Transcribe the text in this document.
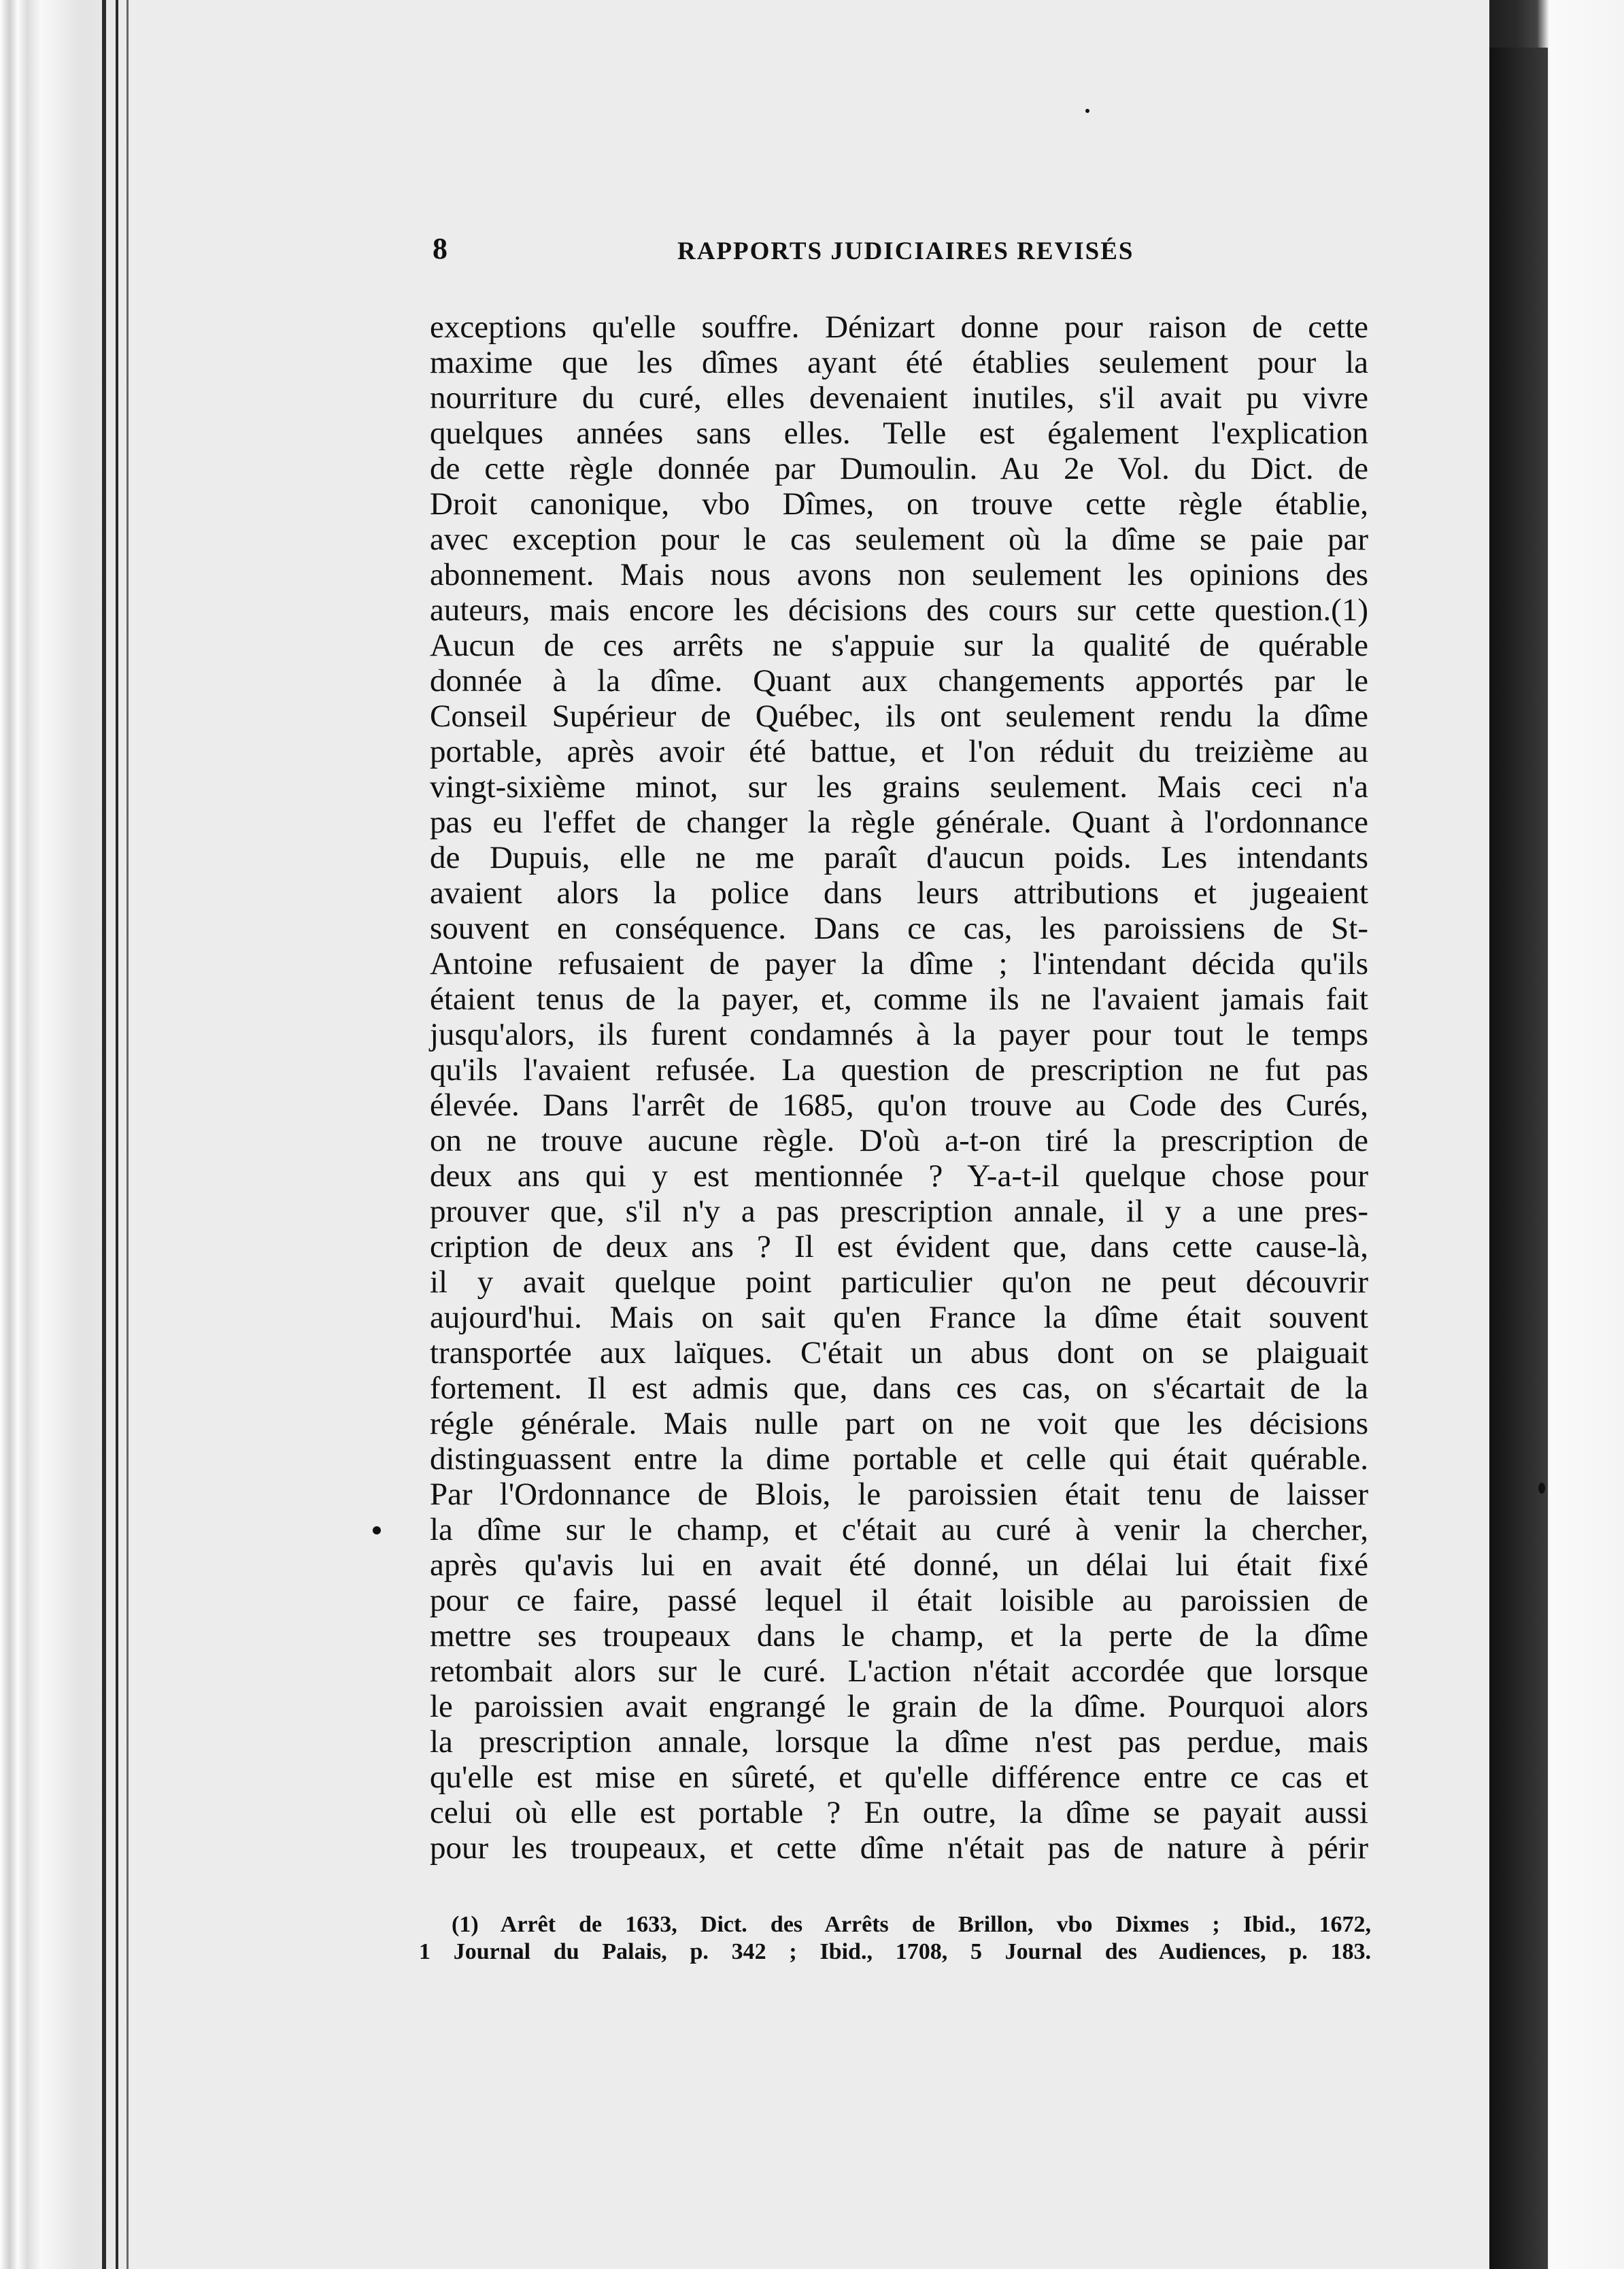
8	RAPPORTS JUDICIAIRES REVISÉS
exceptions qu'elle souffre. Dénizart donne pour raison de cette
maxime que les dîmes ayant été établies seulement pour la
nourriture du curé, elles devenaient inutiles, s'il avait pu vivre
quelques années sans elles. Telle est également l'explication
de cette règle donnée par Dumoulin. Au 2e Vol. du Dict. de
Droit canonique, vbo Dîmes, on trouve cette règle établie,
avec exception pour le cas seulement où la dîme se paie par
abonnement. Mais nous avons non seulement les opinions des
auteurs, mais encore les décisions des cours sur cette question.(1)
Aucun de ces arrêts ne s'appuie sur la qualité de quérable
donnée à la dîme. Quant aux changements apportés par le
Conseil Supérieur de Québec, ils ont seulement rendu la dîme
portable, après avoir été battue, et l'on réduit du treizième au
vingt-sixième minot, sur les grains seulement. Mais ceci n'a
pas eu l'effet de changer la règle générale. Quant à l'ordonnance
de Dupuis, elle ne me paraît d'aucun poids. Les intendants
avaient alors la police dans leurs attributions et jugeaient
souvent en conséquence. Dans ce cas, les paroissiens de St-
Antoine refusaient de payer la dîme ; l'intendant décida qu'ils
étaient tenus de la payer, et, comme ils ne l'avaient jamais fait
jusqu'alors, ils furent condamnés à la payer pour tout le temps
qu'ils l'avaient refusée. La question de prescription ne fut pas
élevée. Dans l'arrêt de 1685, qu'on trouve au Code des Curés,
on ne trouve aucune règle. D'où a-t-on tiré la prescription de
deux ans qui y est mentionnée ? Y-a-t-il quelque chose pour
prouver que, s'il n'y a pas prescription annale, il y a une pres-
cription de deux ans ? Il est évident que, dans cette cause-là,
il y avait quelque point particulier qu'on ne peut découvrir
aujourd'hui. Mais on sait qu'en France la dîme était souvent
transportée aux laïques. C'était un abus dont on se plaiguait
fortement. Il est admis que, dans ces cas, on s'écartait de la
régle générale. Mais nulle part on ne voit que les décisions
distinguassent entre la dime portable et celle qui était quérable.
Par l'Ordonnance de Blois, le paroissien était tenu de laisser
la dîme sur le champ, et c'était au curé à venir la chercher,
après qu'avis lui en avait été donné, un délai lui était fixé
pour ce faire, passé lequel il était loisible au paroissien de
mettre ses troupeaux dans le champ, et la perte de la dîme
retombait alors sur le curé. L'action n'était accordée que lorsque
le paroissien avait engrangé le grain de la dîme. Pourquoi alors
la prescription annale, lorsque la dîme n'est pas perdue, mais
qu'elle est mise en sûreté, et qu'elle différence entre ce cas et
celui où elle est portable ? En outre, la dîme se payait aussi
pour les troupeaux, et cette dîme n'était pas de nature à périr
(1) Arrêt de 1633, Dict. des Arrêts de Brillon, vbo Dixmes ; Ibid., 1672,
1 Journal du Palais, p. 342 ; Ibid., 1708, 5 Journal des Audiences, p. 183.
